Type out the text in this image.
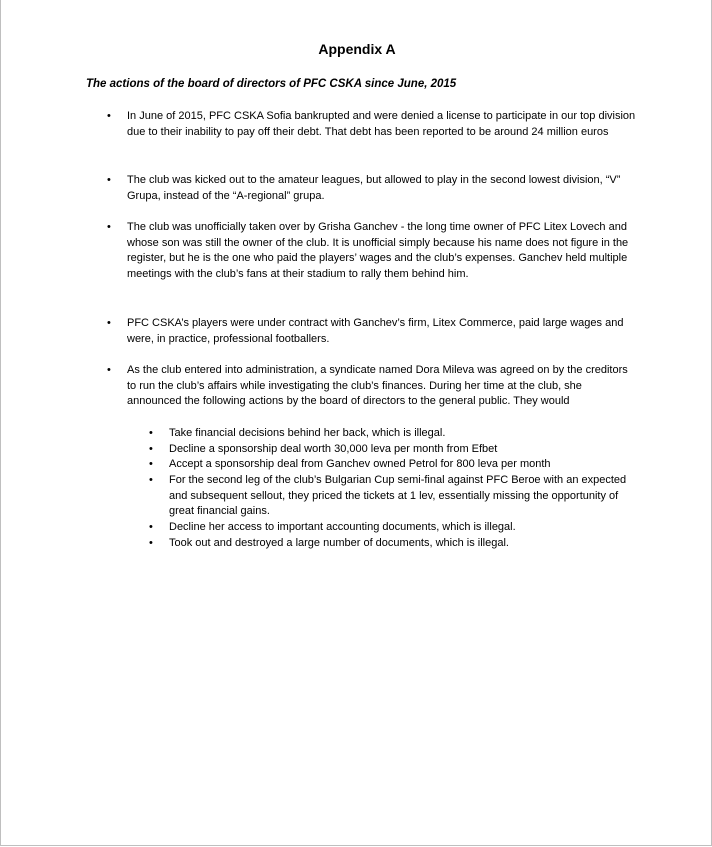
Appendix A
The actions of the board of directors of PFC CSKA since June, 2015
• In June of 2015, PFC CSKA Sofia bankrupted and were denied a license to participate in our top division due to their inability to pay off their debt. That debt has been reported to be around 24 million euros
• The club was kicked out to the amateur leagues, but allowed to play in the second lowest division, “V” Grupa, instead of the “A-regional” grupa.
• The club was unofficially taken over by Grisha Ganchev - the long time owner of PFC Litex Lovech and whose son was still the owner of the club. It is unofficial simply because his name does not figure in the register, but he is the one who paid the players’ wages and the club’s expenses. Ganchev held multiple meetings with the club’s fans at their stadium to rally them behind him.
• PFC CSKA’s players were under contract with Ganchev’s firm, Litex Commerce, paid large wages and were, in practice, professional footballers.
• As the club entered into administration, a syndicate named Dora Mileva was agreed on by the creditors to run the club’s affairs while investigating the club’s finances. During her time at the club, she announced the following actions by the board of directors to the general public. They would
• Take financial decisions behind her back, which is illegal.
• Decline a sponsorship deal worth 30,000 leva per month from Efbet
• Accept a sponsorship deal from Ganchev owned Petrol for 800 leva per month
• For the second leg of the club’s Bulgarian Cup semi-final against PFC Beroe with an expected and subsequent sellout, they priced the tickets at 1 lev, essentially missing the opportunity of great financial gains.
• Decline her access to important accounting documents, which is illegal.
• Took out and destroyed a large number of documents, which is illegal.
